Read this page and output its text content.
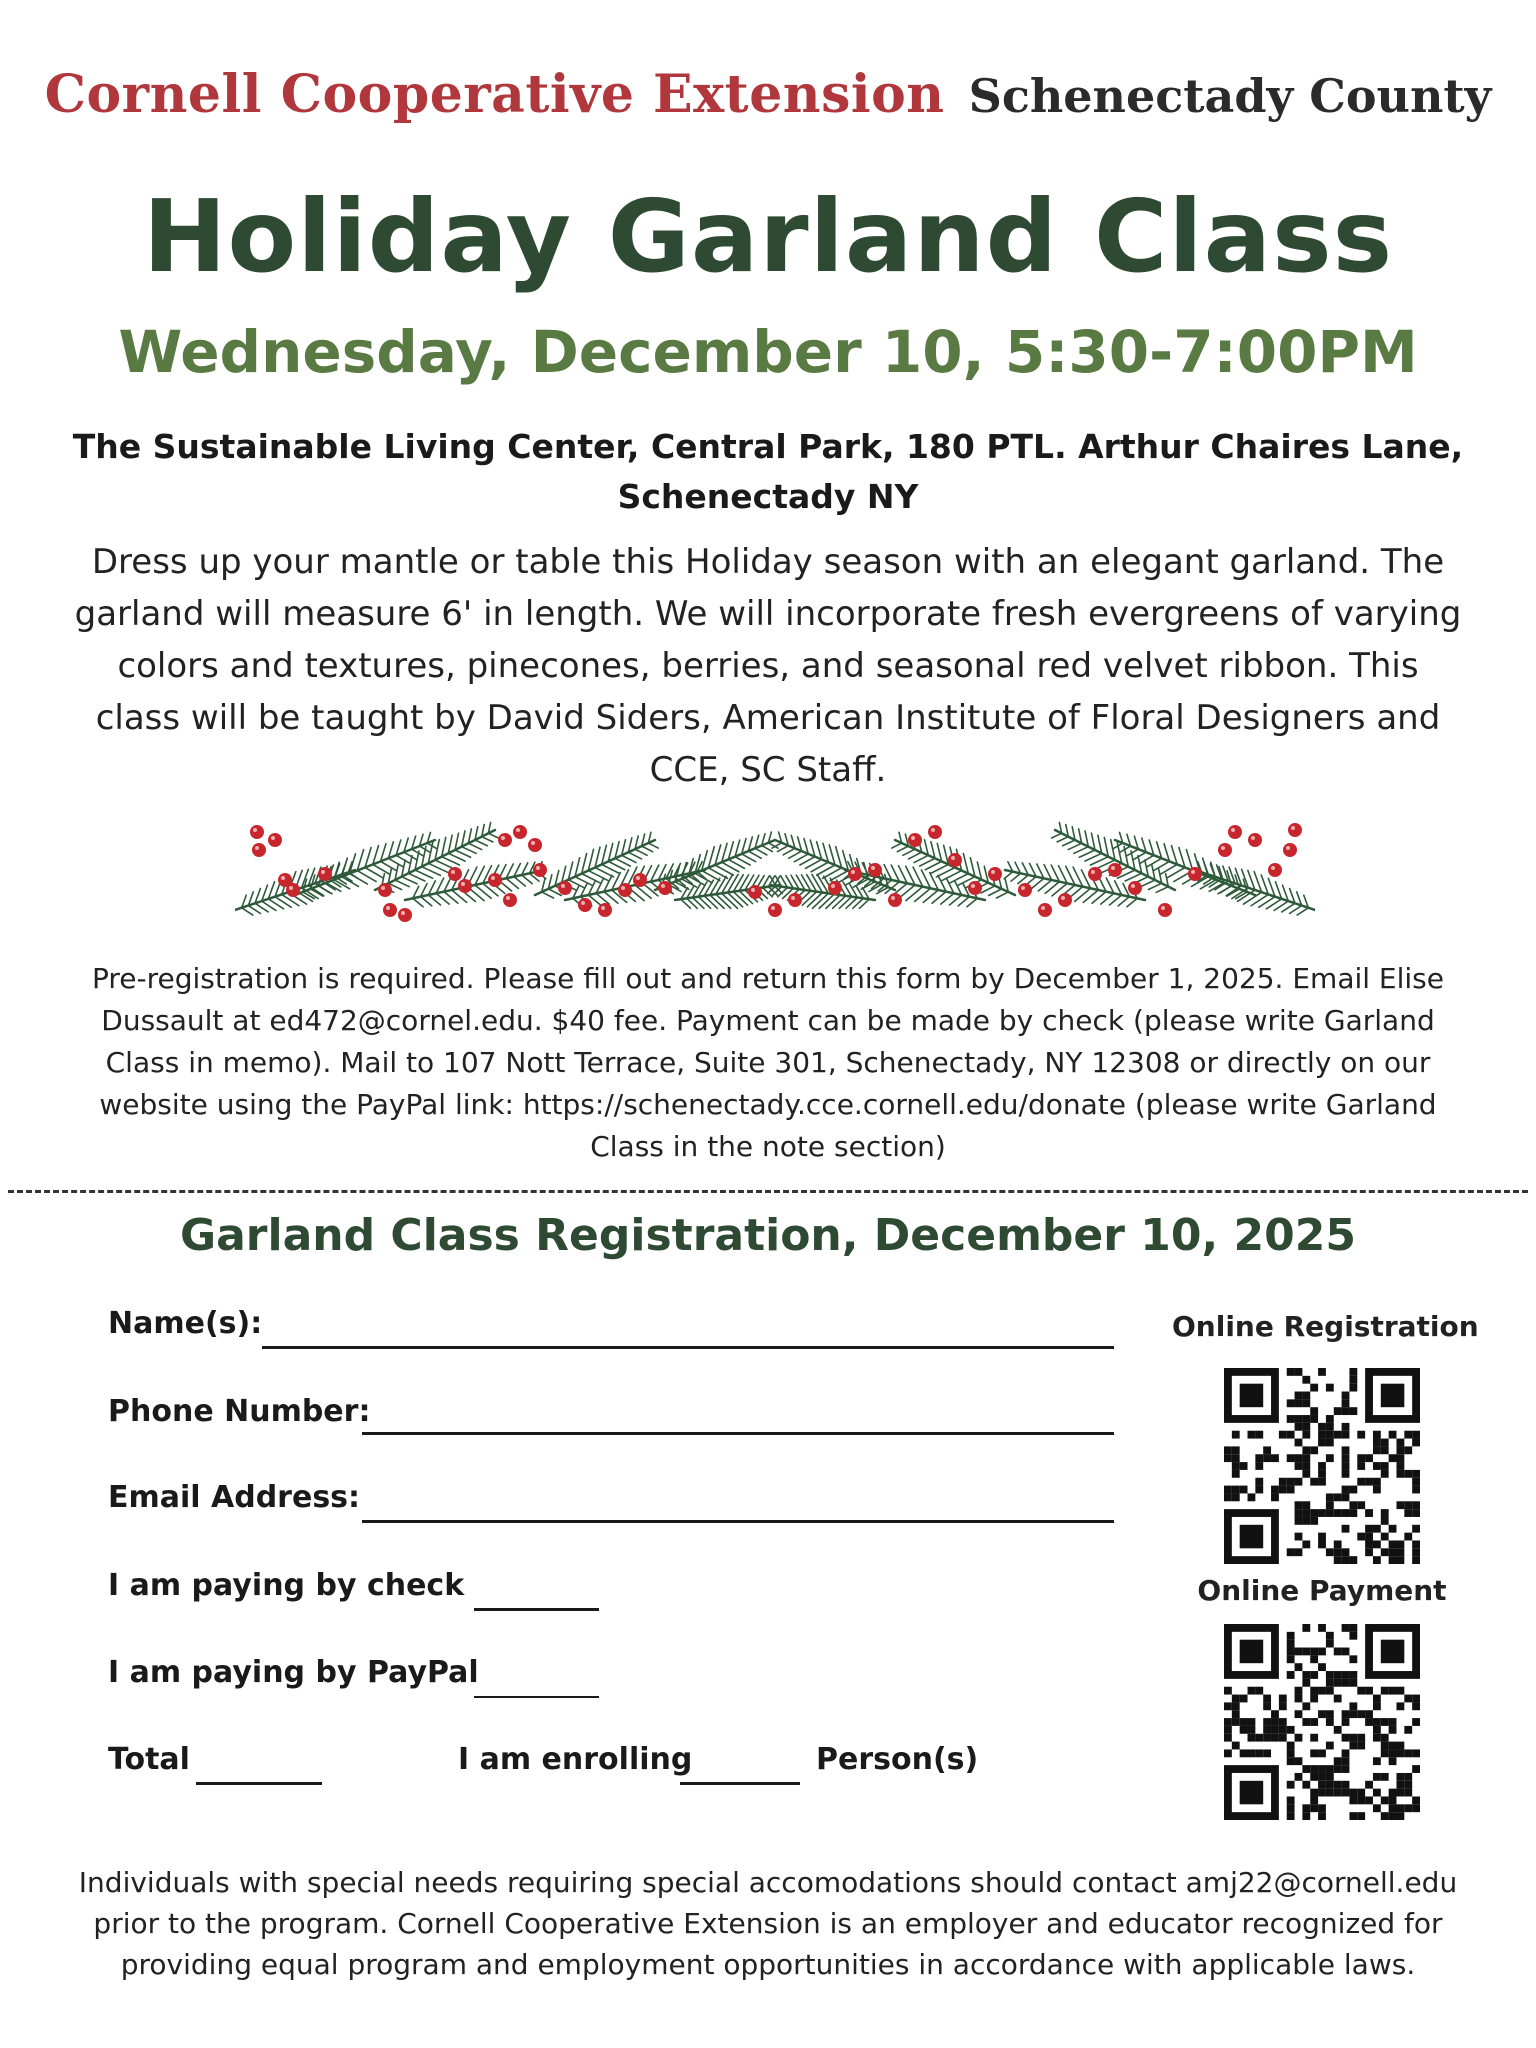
Cornell Cooperative Extension Schenectady County
Holiday Garland Class
Wednesday, December 10, 5:30-7:00PM
The Sustainable Living Center, Central Park, 180 PTL. Arthur Chaires Lane,
Schenectady NY
Dress up your mantle or table this Holiday season with an elegant garland. The garland will measure 6' in length. We will incorporate fresh evergreens of varying colors and textures, pinecones, berries, and seasonal red velvet ribbon. This class will be taught by David Siders, American Institute of Floral Designers and CCE, SC Staff.
Pre-registration is required. Please fill out and return this form by December 1, 2025. Email Elise Dussault at ed472@cornel.edu. $40 fee. Payment can be made by check (please write Garland Class in memo). Mail to 107 Nott Terrace, Suite 301, Schenectady, NY 12308 or directly on our website using the PayPal link: https://schenectady.cce.cornell.edu/donate (please write Garland Class in the note section)
Garland Class Registration, December 10, 2025
Name(s):
Phone Number:
Email Address:
I am paying by check
I am paying by PayPal
Total	I am enrolling	Person(s)
Online Registration
Online Payment
Individuals with special needs requiring special accomodations should contact amj22@cornell.edu prior to the program. Cornell Cooperative Extension is an employer and educator recognized for providing equal program and employment opportunities in accordance with applicable laws.
